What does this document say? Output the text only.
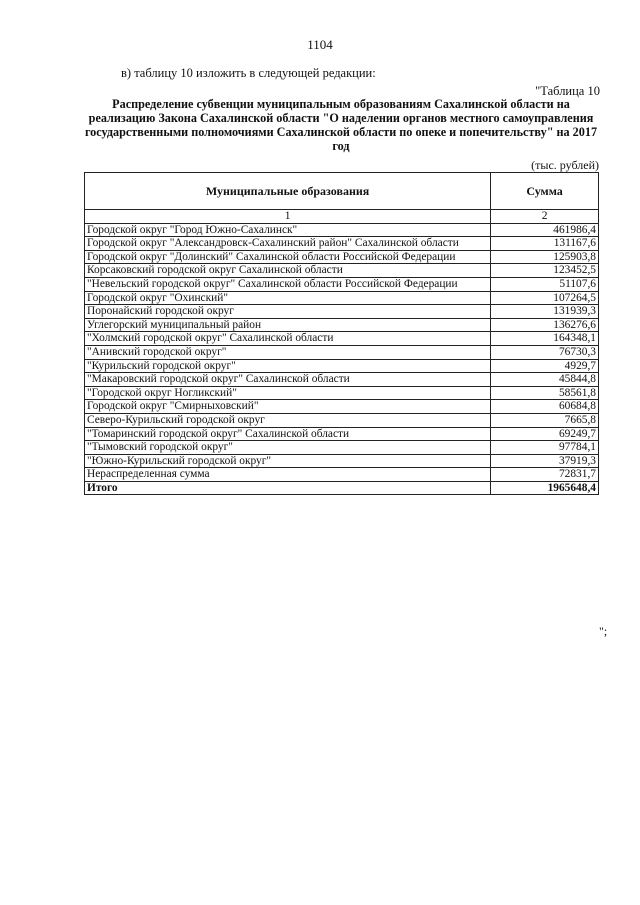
1104
в) таблицу 10 изложить в следующей редакции:
"Таблица 10
Распределение субвенции муниципальным образованиям Сахалинской области на реализацию Закона Сахалинской области "О наделении органов местного самоуправления государственными полномочиями Сахалинской области по опеке и попечительству" на 2017 год
(тыс. рублей)
Муниципальные образования	Сумма
1	2
Городской округ "Город Южно-Сахалинск"	461986,4
Городской округ "Александровск-Сахалинский район" Сахалинской области	131167,6
Городской округ "Долинский" Сахалинской области Российской Федерации	125903,8
Корсаковский городской округ Сахалинской области	123452,5
"Невельский городской округ" Сахалинской области Российской Федерации	51107,6
Городской округ "Охинский"	107264,5
Поронайский городской округ	131939,3
Углегорский муниципальный район	136276,6
"Холмский городской округ" Сахалинской области	164348,1
"Анивский городской округ"	76730,3
"Курильский городской округ"	4929,7
"Макаровский городской округ" Сахалинской области	45844,8
"Городской округ Ногликский"	58561,8
Городской округ "Смирныховский"	60684,8
Северо-Курильский городской округ	7665,8
"Томаринский городской округ" Сахалинской области	69249,7
"Тымовский городской округ"	97784,1
"Южно-Курильский городской округ"	37919,3
Нераспределенная сумма	72831,7
Итого	1965648,4
";
